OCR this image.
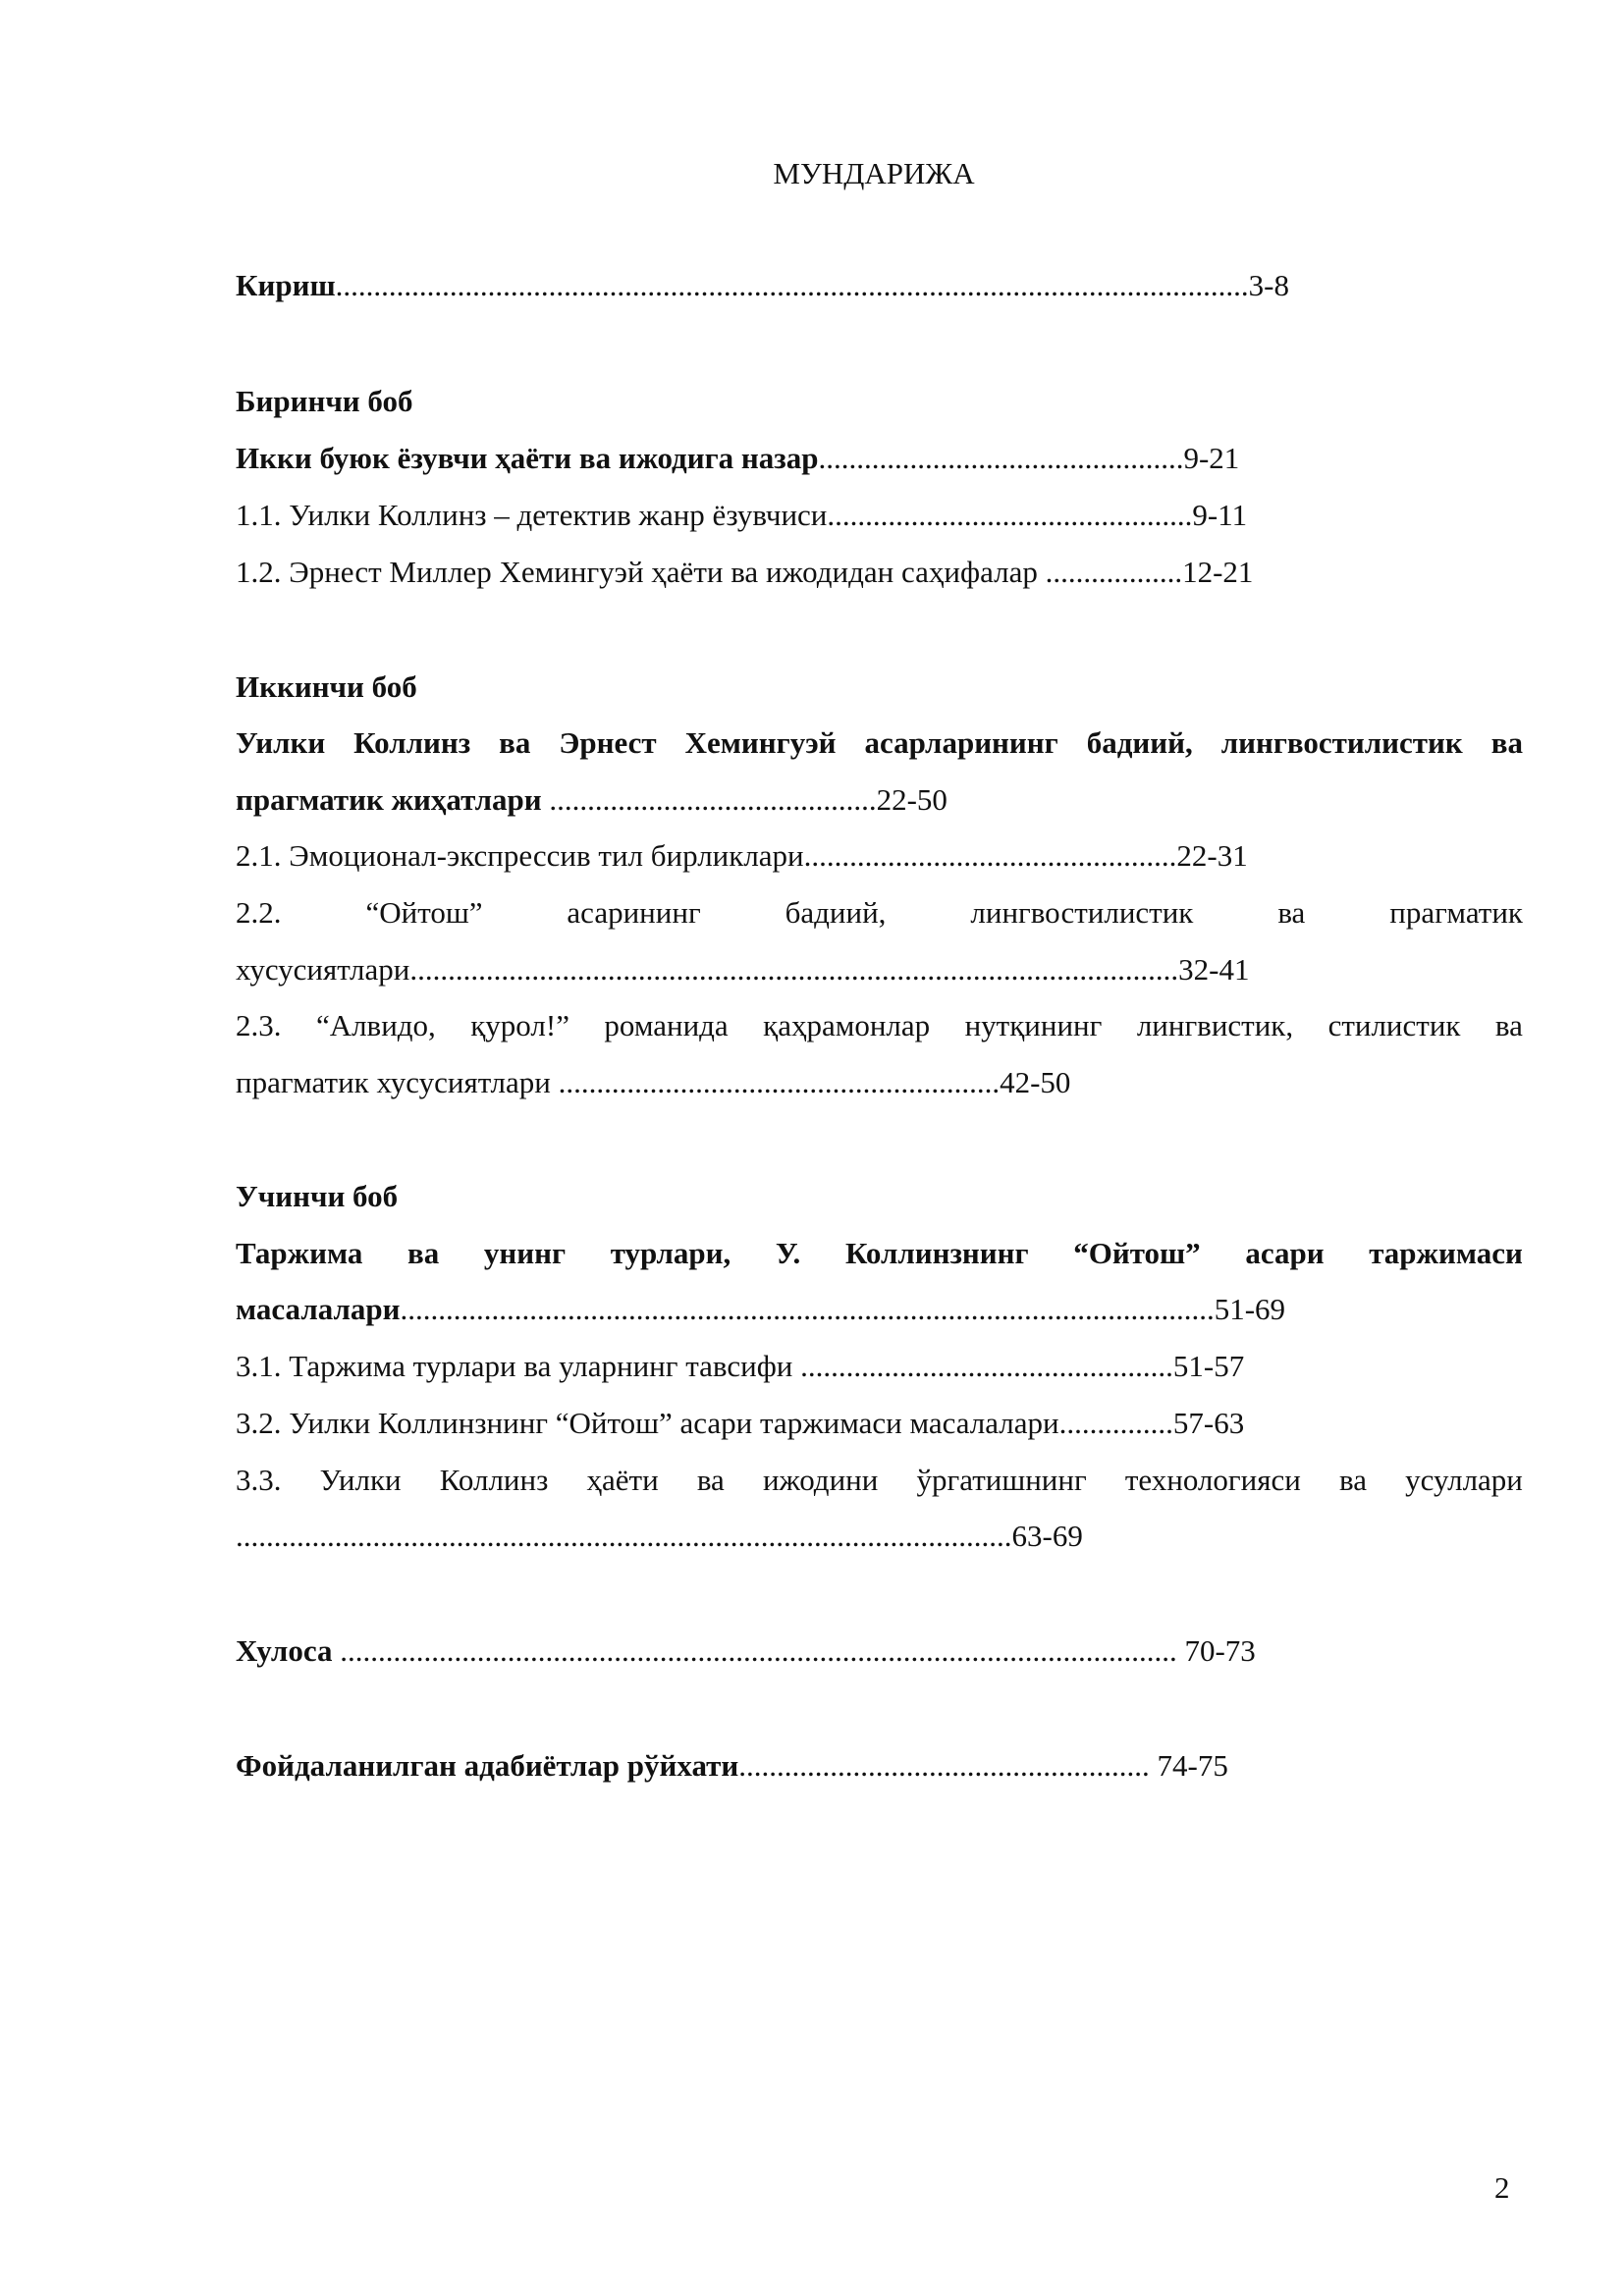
МУНДАРИЖА
Кириш........................................................................................................................3-8
Биринчи боб
Икки буюк ёзувчи ҳаёти ва ижодига назар................................................9-21
1.1. Уилки Коллинз – детектив жанр ёзувчиси................................................9-11
1.2. Эрнест Миллер Хемингуэй ҳаёти ва ижодидан саҳифалар ..................12-21
Иккинчи боб
Уилки Коллинз ва Эрнест Хемингуэй асарларининг бадиий, лингвостилистик ва
прагматик жиҳатлари ...........................................22-50
2.1. Эмоционал-экспрессив тил бирликлари.................................................22-31
2.2.	“Ойтош”	асарининг	бадиий,	лингвостилистик	ва	прагматик
хусусиятлари.....................................................................................................32-41
2.3. “Алвидо, қурол!” романида қаҳрамонлар нутқининг лингвистик, стилистик ва
прагматик хусусиятлари ..........................................................42-50
Учинчи боб
Таржима ва унинг турлари, У. Коллинзнинг “Ойтош” асари таржимаси
масалалари...........................................................................................................51-69
3.1. Таржима турлари ва уларнинг тавсифи .................................................51-57
3.2. Уилки Коллинзнинг “Ойтош” асари таржимаси масалалари...............57-63
3.3. Уилки Коллинз ҳаёти ва ижодини ўргатишнинг технологияси ва усуллари
......................................................................................................63-69
Хулоса .............................................................................................................. 70-73
Фойдаланилган адабиётлар рўйхати...................................................... 74-75
2
